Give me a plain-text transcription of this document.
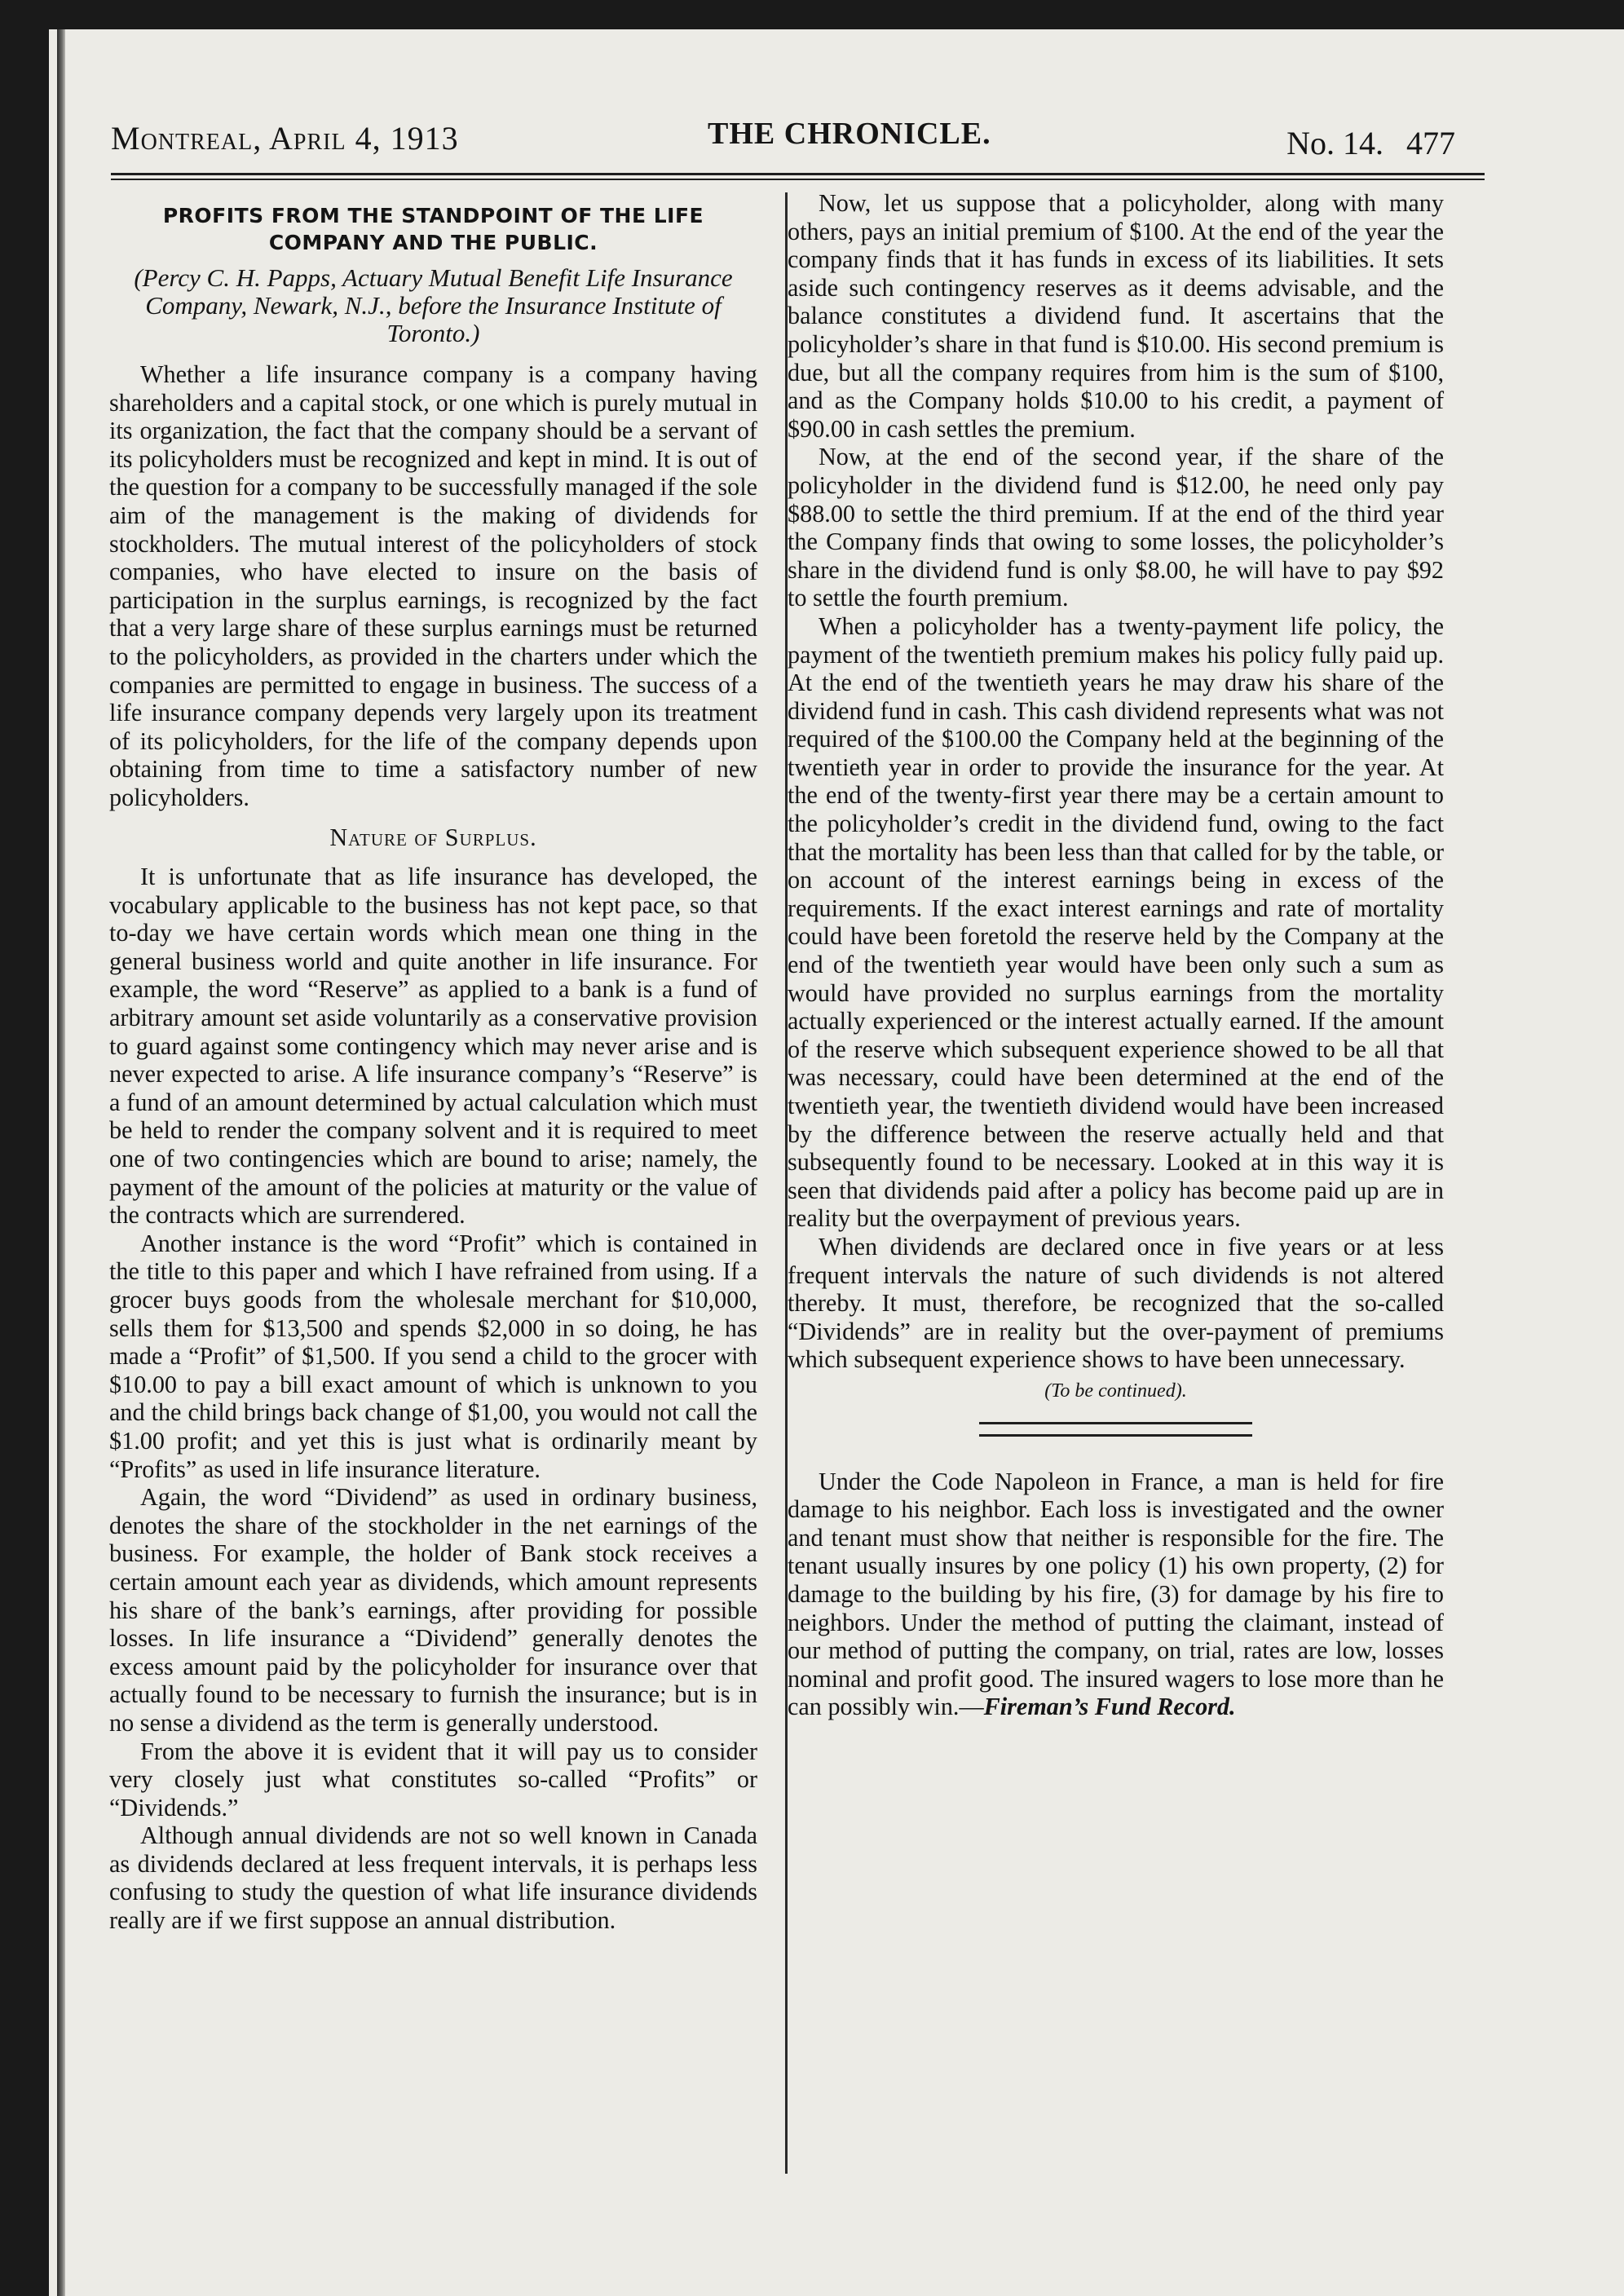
Montreal, April 4, 1913	THE CHRONICLE.	No. 14. 477
PROFITS FROM THE STANDPOINT OF THE LIFE COMPANY AND THE PUBLIC.
(Percy C. H. Papps, Actuary Mutual Benefit Life Insurance Company, Newark, N.J., before the Insurance Institute of Toronto.)

Whether a life insurance company is a company having shareholders and a capital stock, or one which is purely mutual in its organization, the fact that the company should be a servant of its policyholders must be recognized and kept in mind. It is out of the question for a company to be successfully managed if the sole aim of the management is the making of dividends for stockholders. The mutual interest of the policyholders of stock companies, who have elected to insure on the basis of participation in the surplus earnings, is recognized by the fact that a very large share of these surplus earnings must be returned to the policyholders, as provided in the charters under which the companies are permitted to engage in business. The success of a life insurance company depends very largely upon its treatment of its policyholders, for the life of the company depends upon obtaining from time to time a satisfactory number of new policyholders.

Nature of Surplus.

It is unfortunate that as life insurance has developed, the vocabulary applicable to the business has not kept pace, so that to-day we have certain words which mean one thing in the general business world and quite another in life insurance. For example, the word “Reserve” as applied to a bank is a fund of arbitrary amount set aside voluntarily as a conservative provision to guard against some contingency which may never arise and is never expected to arise. A life insurance company’s “Reserve” is a fund of an amount determined by actual calculation which must be held to render the company solvent and it is required to meet one of two contingencies which are bound to arise; namely, the payment of the amount of the policies at maturity or the value of the contracts which are surrendered.

Another instance is the word “Profit” which is contained in the title to this paper and which I have refrained from using. If a grocer buys goods from the wholesale merchant for $10,000, sells them for $13,500 and spends $2,000 in so doing, he has made a “Profit” of $1,500. If you send a child to the grocer with $10.00 to pay a bill exact amount of which is unknown to you and the child brings back change of $1,00, you would not call the $1.00 profit; and yet this is just what is ordinarily meant by “Profits” as used in life insurance literature.

Again, the word “Dividend” as used in ordinary business, denotes the share of the stockholder in the net earnings of the business. For example, the holder of Bank stock receives a certain amount each year as dividends, which amount represents his share of the bank’s earnings, after providing for possible losses. In life insurance a “Dividend” generally denotes the excess amount paid by the policyholder for insurance over that actually found to be necessary to furnish the insurance; but is in no sense a dividend as the term is generally understood.

From the above it is evident that it will pay us to consider very closely just what constitutes so-called “Profits” or “Dividends.”

Although annual dividends are not so well known in Canada as dividends declared at less frequent intervals, it is perhaps less confusing to study the question of what life insurance dividends really are if we first suppose an annual distribution.

Now, let us suppose that a policyholder, along with many others, pays an initial premium of $100. At the end of the year the company finds that it has funds in excess of its liabilities. It sets aside such contingency reserves as it deems advisable, and the balance constitutes a dividend fund. It ascertains that the policyholder’s share in that fund is $10.00. His second premium is due, but all the company requires from him is the sum of $100, and as the Company holds $10.00 to his credit, a payment of $90.00 in cash settles the premium.

Now, at the end of the second year, if the share of the policyholder in the dividend fund is $12.00, he need only pay $88.00 to settle the third premium. If at the end of the third year the Company finds that owing to some losses, the policyholder’s share in the dividend fund is only $8.00, he will have to pay $92 to settle the fourth premium.

When a policyholder has a twenty-payment life policy, the payment of the twentieth premium makes his policy fully paid up. At the end of the twentieth years he may draw his share of the dividend fund in cash. This cash dividend represents what was not required of the $100.00 the Company held at the beginning of the twentieth year in order to provide the insurance for the year. At the end of the twenty-first year there may be a certain amount to the policyholder’s credit in the dividend fund, owing to the fact that the mortality has been less than that called for by the table, or on account of the interest earnings being in excess of the requirements. If the exact interest earnings and rate of mortality could have been foretold the reserve held by the Company at the end of the twentieth year would have been only such a sum as would have provided no surplus earnings from the mortality actually experienced or the interest actually earned. If the amount of the reserve which subsequent experience showed to be all that was necessary, could have been determined at the end of the twentieth year, the twentieth dividend would have been increased by the difference between the reserve actually held and that subsequently found to be necessary. Looked at in this way it is seen that dividends paid after a policy has become paid up are in reality but the overpayment of previous years.

When dividends are declared once in five years or at less frequent intervals the nature of such dividends is not altered thereby. It must, therefore, be recognized that the so-called “Dividends” are in reality but the over-payment of premiums which subsequent experience shows to have been unnecessary.

(To be continued).

Under the Code Napoleon in France, a man is held for fire damage to his neighbor. Each loss is investigated and the owner and tenant must show that neither is responsible for the fire. The tenant usually insures by one policy (1) his own property, (2) for damage to the building by his fire, (3) for damage by his fire to neighbors. Under the method of putting the claimant, instead of our method of putting the company, on trial, rates are low, losses nominal and profit good. The insured wagers to lose more than he can possibly win.—Fireman’s Fund Record.
